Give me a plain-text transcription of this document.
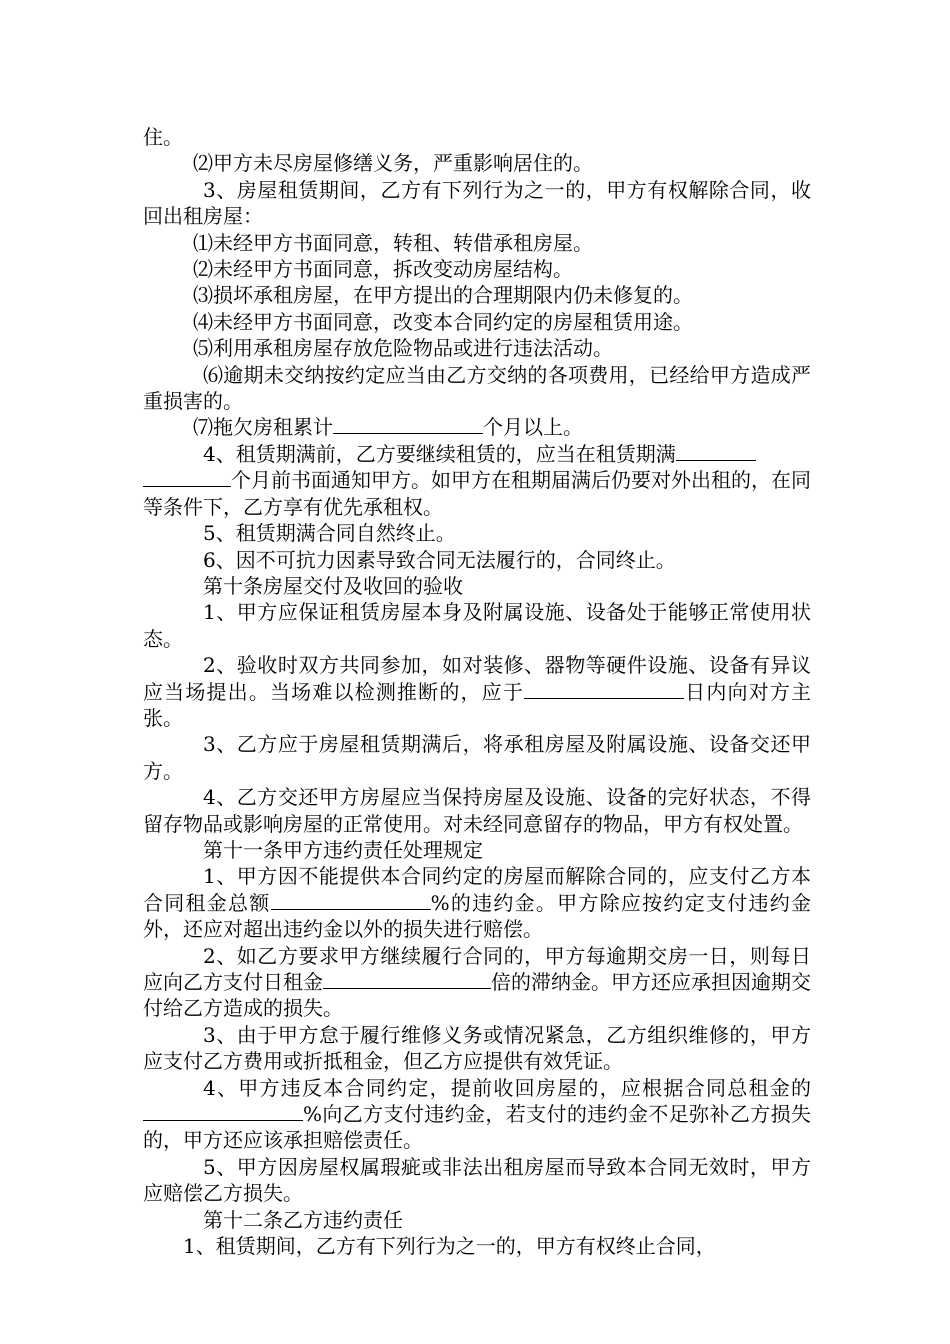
住。

⑵甲方未尽房屋修缮义务，严重影响居住的。

3、房屋租赁期间，乙方有下列行为之一的，甲方有权解除合同，收回出租房屋：

⑴未经甲方书面同意，转租、转借承租房屋。

⑵未经甲方书面同意，拆改变动房屋结构。

⑶损坏承租房屋，在甲方提出的合理期限内仍未修复的。

⑷未经甲方书面同意，改变本合同约定的房屋租赁用途。

⑸利用承租房屋存放危险物品或进行违法活动。

⑹逾期未交纳按约定应当由乙方交纳的各项费用，已经给甲方造成严重损害的。

⑺拖欠房租累计	个月以上。

4、租赁期满前，乙方要继续租赁的，应当在租赁期满
个月前书面通知甲方。如甲方在租期届满后仍要对外出租的，在同等条件下，乙方享有优先承租权。

5、租赁期满合同自然终止。

6、因不可抗力因素导致合同无法履行的，合同终止。

第十条房屋交付及收回的验收

1、甲方应保证租赁房屋本身及附属设施、设备处于能够正常使用状态。

2、验收时双方共同参加，如对装修、器物等硬件设施、设备有异议应当场提出。当场难以检测推断的，应于	日内向对方主张。

3、乙方应于房屋租赁期满后，将承租房屋及附属设施、设备交还甲方。

4、乙方交还甲方房屋应当保持房屋及设施、设备的完好状态，不得留存物品或影响房屋的正常使用。对未经同意留存的物品，甲方有权处置。

第十一条甲方违约责任处理规定

1、甲方因不能提供本合同约定的房屋而解除合同的，应支付乙方本合同租金总额	%的违约金。甲方除应按约定支付违约金外，还应对超出违约金以外的损失进行赔偿。

2、如乙方要求甲方继续履行合同的，甲方每逾期交房一日，则每日应向乙方支付日租金	倍的滞纳金。甲方还应承担因逾期交付给乙方造成的损失。

3、由于甲方怠于履行维修义务或情况紧急，乙方组织维修的，甲方应支付乙方费用或折抵租金，但乙方应提供有效凭证。

4、甲方违反本合同约定，提前收回房屋的，应根据合同总租金的%向乙方支付违约金，若支付的违约金不足弥补乙方损失的，甲方还应该承担赔偿责任。

5、甲方因房屋权属瑕疵或非法出租房屋而导致本合同无效时，甲方应赔偿乙方损失。

第十二条乙方违约责任

1、租赁期间，乙方有下列行为之一的，甲方有权终止合同，
